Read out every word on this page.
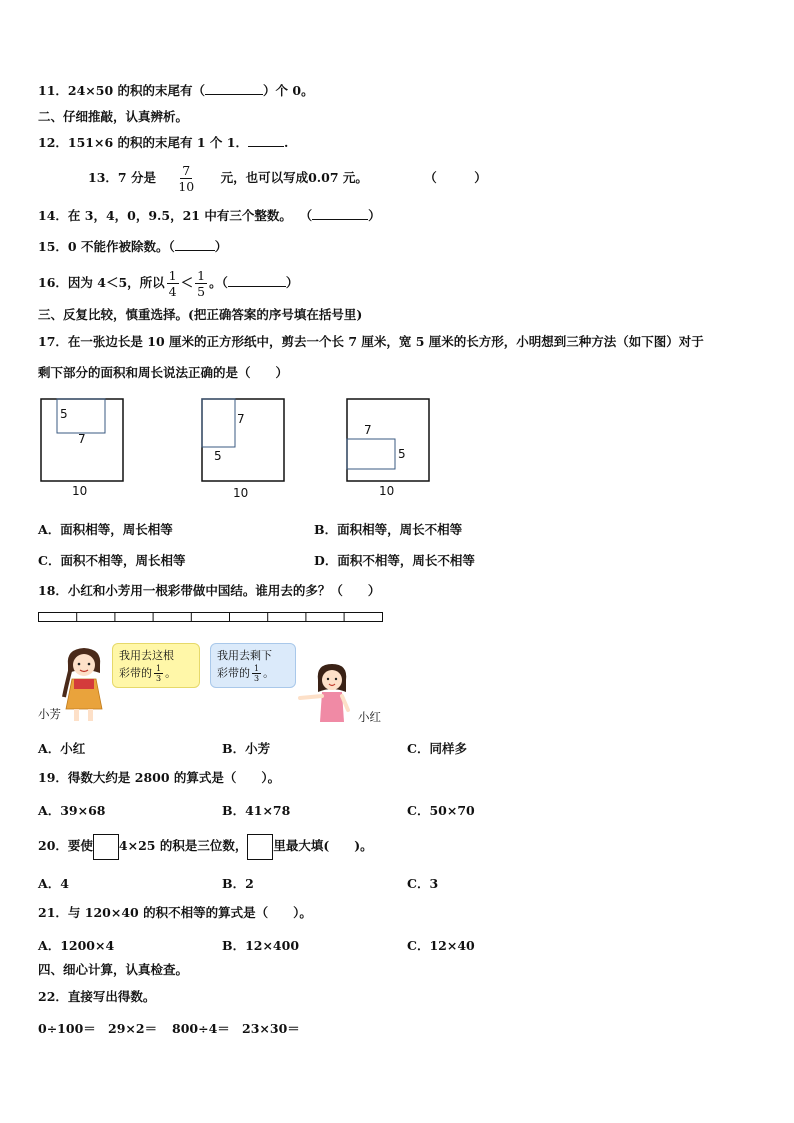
11．24×50 的积的末尾有（	）个 0。
二、仔细推敲，认真辨析。
12．151×6 的积的末尾有 1 个 1．	.
13．7 分是 $\frac{7}{10}$ 元，也可以写成0.07 元。	（　　　）
14．在 3，4，0，9.5，21 中有三个整数。 （	）
15．0 不能作被除数。（	）
16．因为 4＜5，所以 $\frac{1}{4} < \frac{1}{5}$ 。（	）
三、反复比较，慎重选择。(把正确答案的序号填在括号里)
17．在一张边长是 10 厘米的正方形纸中，剪去一个长 7 厘米，宽 5 厘米的长方形，小明想到三种方法（如下图）对于
剩下部分的面积和周长说法正确的是（　　）
5
7
10
7
5
10
7
5
10
A．面积相等，周长相等	B．面积相等，周长不相等
C．面积不相等，周长相等	D．面积不相等，周长不相等
18．小红和小芳用一根彩带做中国结。谁用去的多？（　　）
我用去这根
彩带的 $\frac{1}{3}$ 。
我用去剩下
彩带的 $\frac{1}{3}$ 。
小芳	小红
A．小红	B．小芳	C．同样多
19．得数大约是 2800 的算式是（　　）。
A．39×68	B．41×78	C．50×70
20．要使 4×25 的积是三位数， 里最大填(　　)。
A．4	B．2	C．3
21．与 120×40 的积不相等的算式是（　　）。
A．1200×4	B．12×400	C．12×40
四、细心计算，认真检查。
22．直接写出得数。
0÷100＝ 29×2＝ 800÷4＝ 23×30＝
